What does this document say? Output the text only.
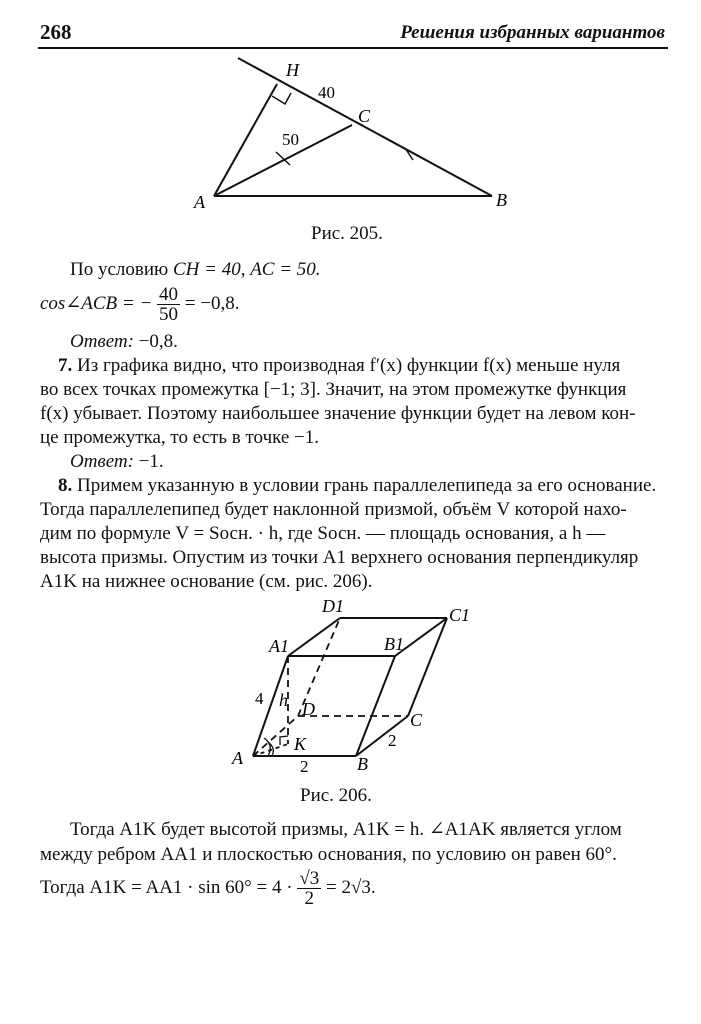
268	Решения избранных вариантов
H
40
C
50
A	B
Рис. 205.
По условию CH = 40, AC = 50.
cos∠ACB = − $\frac{40}{50} = -0,8$.
Ответ: −0,8.
7. Из графика видно, что производная f′(x) функции f(x) меньше нуля
во всех точках промежутка [−1; 3]. Значит, на этом промежутке функция
f(x) убывает. Поэтому наибольшее значение функции будет на левом кон-
це промежутка, то есть в точке −1.
Ответ: −1.
8. Примем указанную в условии грань параллелепипеда за его основание.
Тогда параллелепипед будет наклонной призмой, объём V которой нахо-
дим по формуле V = Sосн. · h, где Sосн. — площадь основания, а h —
высота призмы. Опустим из точки A1 верхнего основания перпендикуляр
A1K на нижнее основание (см. рис. 206).
D1	C1
A1	B1
D
C
A	B
K
h
4
2
2
Рис. 206.
Тогда A1K будет высотой призмы, A1K = h. ∠A1AK является углом
между ребром AA1 и плоскостью основания, по условию он равен 60°.
Тогда $A1K = AA1 \cdot \sin 60^\circ = 4 \cdot \frac{√3}{2} = 2√3$.
